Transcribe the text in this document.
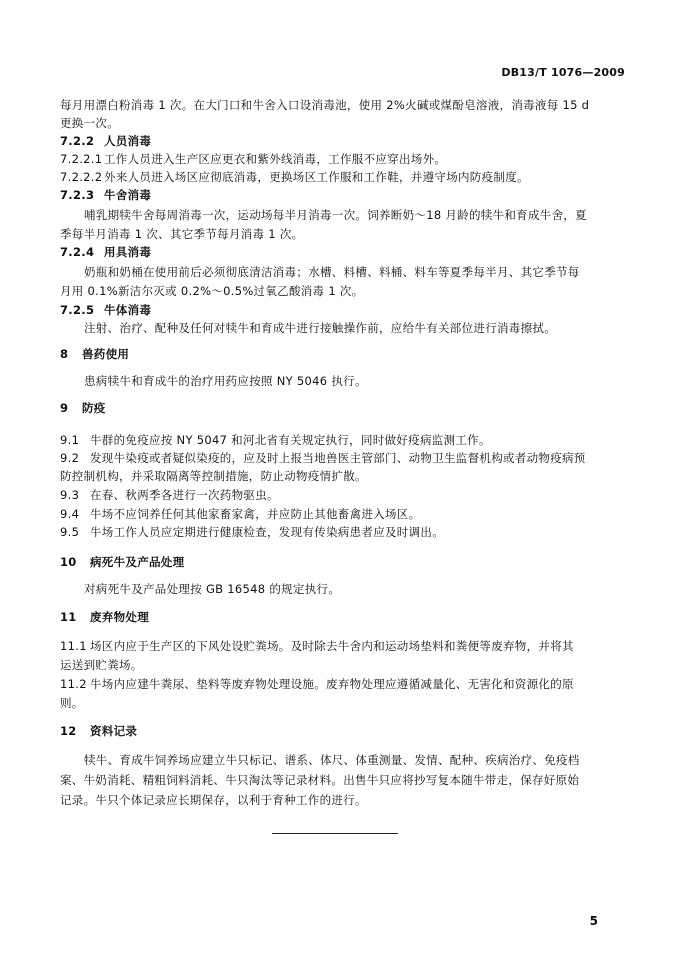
DB13/T 1076—2009
每月用漂白粉消毒 1 次。在大门口和牛舍入口设消毒池，使用 2%火碱或煤酚皂溶液，消毒液每 15 d
更换一次。
7.2.2 人员消毒
7.2.2.1 工作人员进入生产区应更衣和紫外线消毒，工作服不应穿出场外。
7.2.2.2 外来人员进入场区应彻底消毒，更换场区工作服和工作鞋，并遵守场内防疫制度。
7.2.3 牛舍消毒
哺乳期犊牛舍每周消毒一次，运动场每半月消毒一次。饲养断奶～18 月龄的犊牛和育成牛舍，夏
季每半月消毒 1 次、其它季节每月消毒 1 次。
7.2.4 用具消毒
奶瓶和奶桶在使用前后必须彻底清洁消毒；水槽、料槽、料桶、料车等夏季每半月、其它季节每
月用 0.1%新洁尔灭或 0.2%～0.5%过氧乙酸消毒 1 次。
7.2.5 牛体消毒
注射、治疗、配种及任何对犊牛和育成牛进行接触操作前，应给牛有关部位进行消毒擦拭。
8 兽药使用
患病犊牛和育成牛的治疗用药应按照 NY 5046 执行。
9 防疫
9.1 牛群的免疫应按 NY 5047 和河北省有关规定执行，同时做好疫病监测工作。
9.2 发现牛染疫或者疑似染疫的，应及时上报当地兽医主管部门、动物卫生监督机构或者动物疫病预
防控制机构，并采取隔离等控制措施，防止动物疫情扩散。
9.3 在春、秋两季各进行一次药物驱虫。
9.4 牛场不应饲养任何其他家畜家禽，并应防止其他畜禽进入场区。
9.5 牛场工作人员应定期进行健康检查，发现有传染病患者应及时调出。
10 病死牛及产品处理
对病死牛及产品处理按 GB 16548 的规定执行。
11 废弃物处理
11.1 场区内应于生产区的下风处设贮粪场。及时除去牛舍内和运动场垫料和粪便等废弃物，并将其
运送到贮粪场。
11.2 牛场内应建牛粪尿、垫料等废弃物处理设施。废弃物处理应遵循减量化、无害化和资源化的原
则。
12 资料记录
犊牛、育成牛饲养场应建立牛只标记、谱系、体尺、体重测量、发情、配种、疾病治疗、免疫档
案、牛奶消耗、精粗饲料消耗、牛只淘汰等记录材料。出售牛只应将抄写复本随牛带走，保存好原始
记录。牛只个体记录应长期保存，以利于育种工作的进行。
5
